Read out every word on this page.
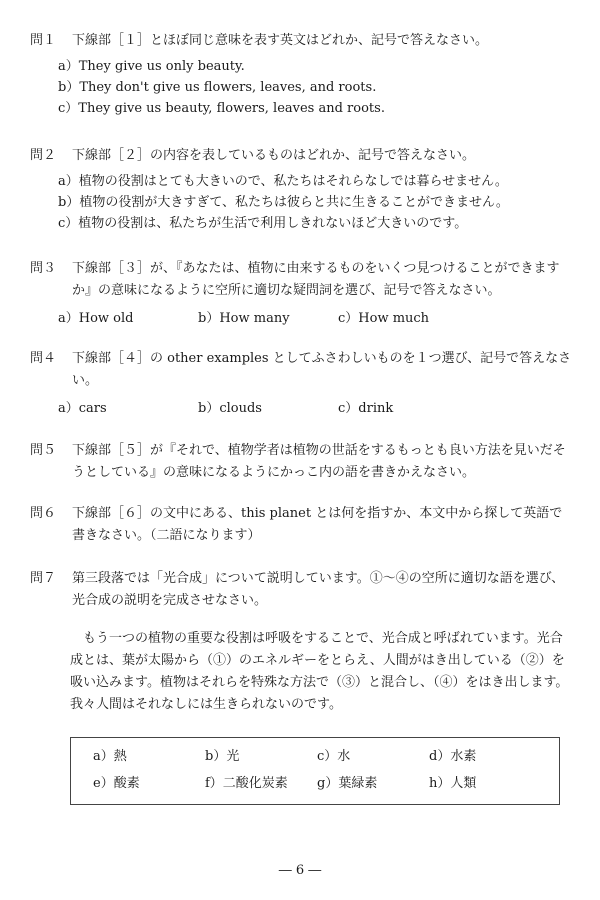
問１	下線部［１］とほぼ同じ意味を表す英文はどれか、記号で答えなさい。
a）They give us only beauty.
b）They don't give us flowers, leaves, and roots.
c）They give us beauty, flowers, leaves and roots.
問２	下線部［２］の内容を表しているものはどれか、記号で答えなさい。
a）植物の役割はとても大きいので、私たちはそれらなしでは暮らせません。
b）植物の役割が大きすぎて、私たちは彼らと共に生きることができません。
c）植物の役割は、私たちが生活で利用しきれないほど大きいのです。
問３	下線部［３］が、『あなたは、植物に由来するものをいくつ見つけることができますか』の意味になるように空所に適切な疑問詞を選び、記号で答えなさい。
a）How old	b）How many	c）How much
問４	下線部［４］の other examples としてふさわしいものを１つ選び、記号で答えなさい。
a）cars	b）clouds	c）drink
問５	下線部［５］が『それで、植物学者は植物の世話をするもっとも良い方法を見いだそうとしている』の意味になるようにかっこ内の語を書きかえなさい。
問６	下線部［６］の文中にある、this planet とは何を指すか、本文中から探して英語で書きなさい。（二語になります）
問７	第三段落では「光合成」について説明しています。①～④の空所に適切な語を選び、光合成の説明を完成させなさい。
もう一つの植物の重要な役割は呼吸をすることで、光合成と呼ばれています。光合成とは、葉が太陽から（①）のエネルギーをとらえ、人間がはき出している（②）を吸い込みます。植物はそれらを特殊な方法で（③）と混合し、（④）をはき出します。我々人間はそれなしには生きられないのです。
a）熱	b）光	c）水	d）水素
e）酸素	f）二酸化炭素	g）葉緑素	h）人類
― 6 ―
